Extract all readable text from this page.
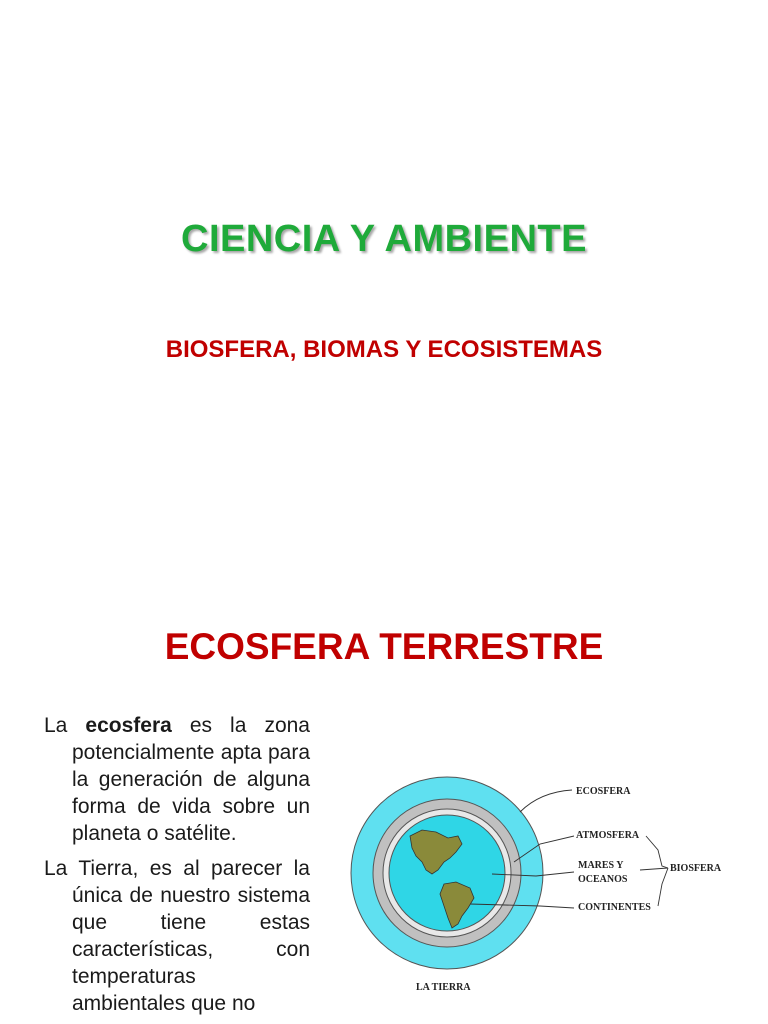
CIENCIA Y AMBIENTE
BIOSFERA, BIOMAS Y ECOSISTEMAS
ECOSFERA TERRESTRE

La ecosfera es la zona potencialmente apta para la generación de alguna forma de vida sobre un planeta o satélite.

La Tierra, es al parecer la única de nuestro sistema que tiene estas características, con temperaturas ambientales que no

ECOSFERA
ATMOSFERA
MARES Y
OCEANOS
CONTINENTES
BIOSFERA
LA TIERRA
